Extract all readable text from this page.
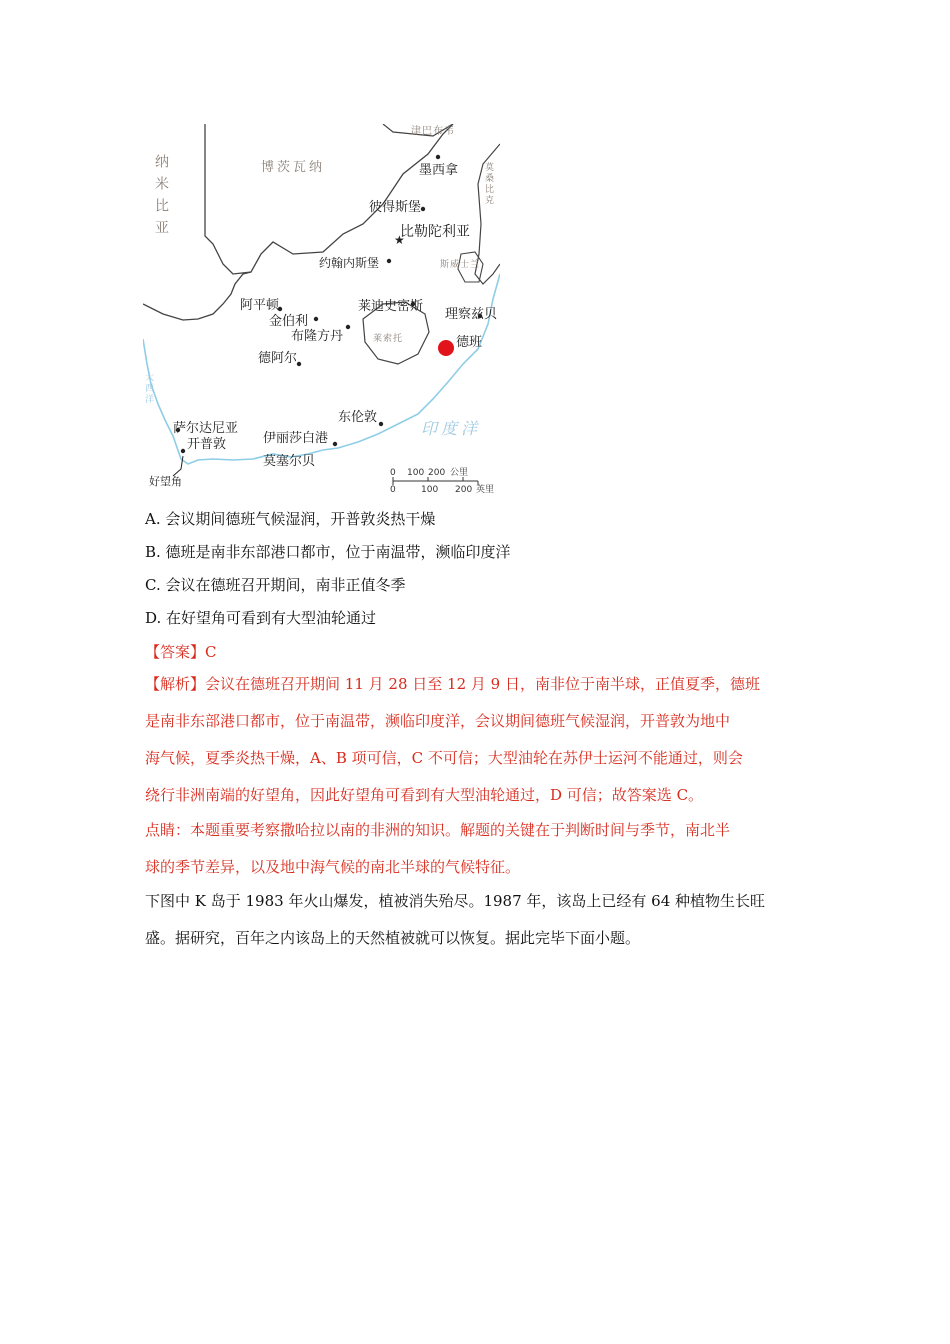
★
纳米比亚	博茨瓦纳
津巴布韦
莫桑比克
斯威士兰
莱索托
印度洋
大西洋
墨西拿
彼得斯堡
比勒陀利亚
约翰内斯堡
阿平顿
金伯利
布隆方丹
莱迪史密斯
理察兹贝
德班
德阿尔
东伦敦
伊丽莎白港
莫塞尔贝
萨尔达尼亚
开普敦
好望角
0 100 200 公里
0	100 200 英里
A. 会议期间德班气候湿润，开普敦炎热干燥
B. 德班是南非东部港口都市，位于南温带，濒临印度洋
C. 会议在德班召开期间，南非正值冬季
D. 在好望角可看到有大型油轮通过
【答案】C
【解析】会议在德班召开期间 11 月 28 日至 12 月 9 日，南非位于南半球，正值夏季，德班
是南非东部港口都市，位于南温带，濒临印度洋，会议期间德班气候湿润，开普敦为地中
海气候，夏季炎热干燥，A、B 项可信，C 不可信；大型油轮在苏伊士运河不能通过，则会
绕行非洲南端的好望角，因此好望角可看到有大型油轮通过，D 可信；故答案选 C。
点睛：本题重要考察撒哈拉以南的非洲的知识。解题的关键在于判断时间与季节，南北半
球的季节差异，以及地中海气候的南北半球的气候特征。
下图中 K 岛于 1983 年火山爆发，植被消失殆尽。1987 年，该岛上已经有 64 种植物生长旺
盛。据研究，百年之内该岛上的天然植被就可以恢复。据此完毕下面小题。
